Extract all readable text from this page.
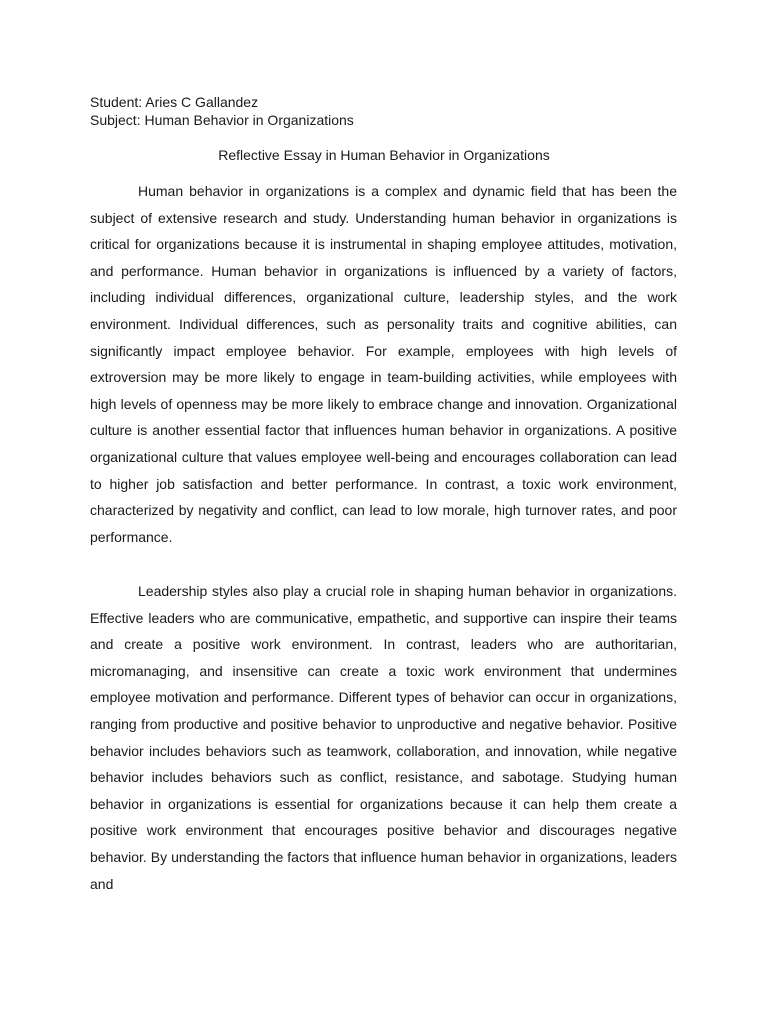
Student: Aries C Gallandez
Subject: Human Behavior in Organizations
Reflective Essay in Human Behavior in Organizations

Human behavior in organizations is a complex and dynamic field that has been the subject of extensive research and study. Understanding human behavior in organizations is critical for organizations because it is instrumental in shaping employee attitudes, motivation, and performance. Human behavior in organizations is influenced by a variety of factors, including individual differences, organizational culture, leadership styles, and the work environment. Individual differences, such as personality traits and cognitive abilities, can significantly impact employee behavior. For example, employees with high levels of extroversion may be more likely to engage in team-building activities, while employees with high levels of openness may be more likely to embrace change and innovation. Organizational culture is another essential factor that influences human behavior in organizations. A positive organizational culture that values employee well-being and encourages collaboration can lead to higher job satisfaction and better performance. In contrast, a toxic work environment, characterized by negativity and conflict, can lead to low morale, high turnover rates, and poor performance.

Leadership styles also play a crucial role in shaping human behavior in organizations. Effective leaders who are communicative, empathetic, and supportive can inspire their teams and create a positive work environment. In contrast, leaders who are authoritarian, micromanaging, and insensitive can create a toxic work environment that undermines employee motivation and performance. Different types of behavior can occur in organizations, ranging from productive and positive behavior to unproductive and negative behavior. Positive behavior includes behaviors such as teamwork, collaboration, and innovation, while negative behavior includes behaviors such as conflict, resistance, and sabotage. Studying human behavior in organizations is essential for organizations because it can help them create a positive work environment that encourages positive behavior and discourages negative behavior. By understanding the factors that influence human behavior in organizations, leaders and
